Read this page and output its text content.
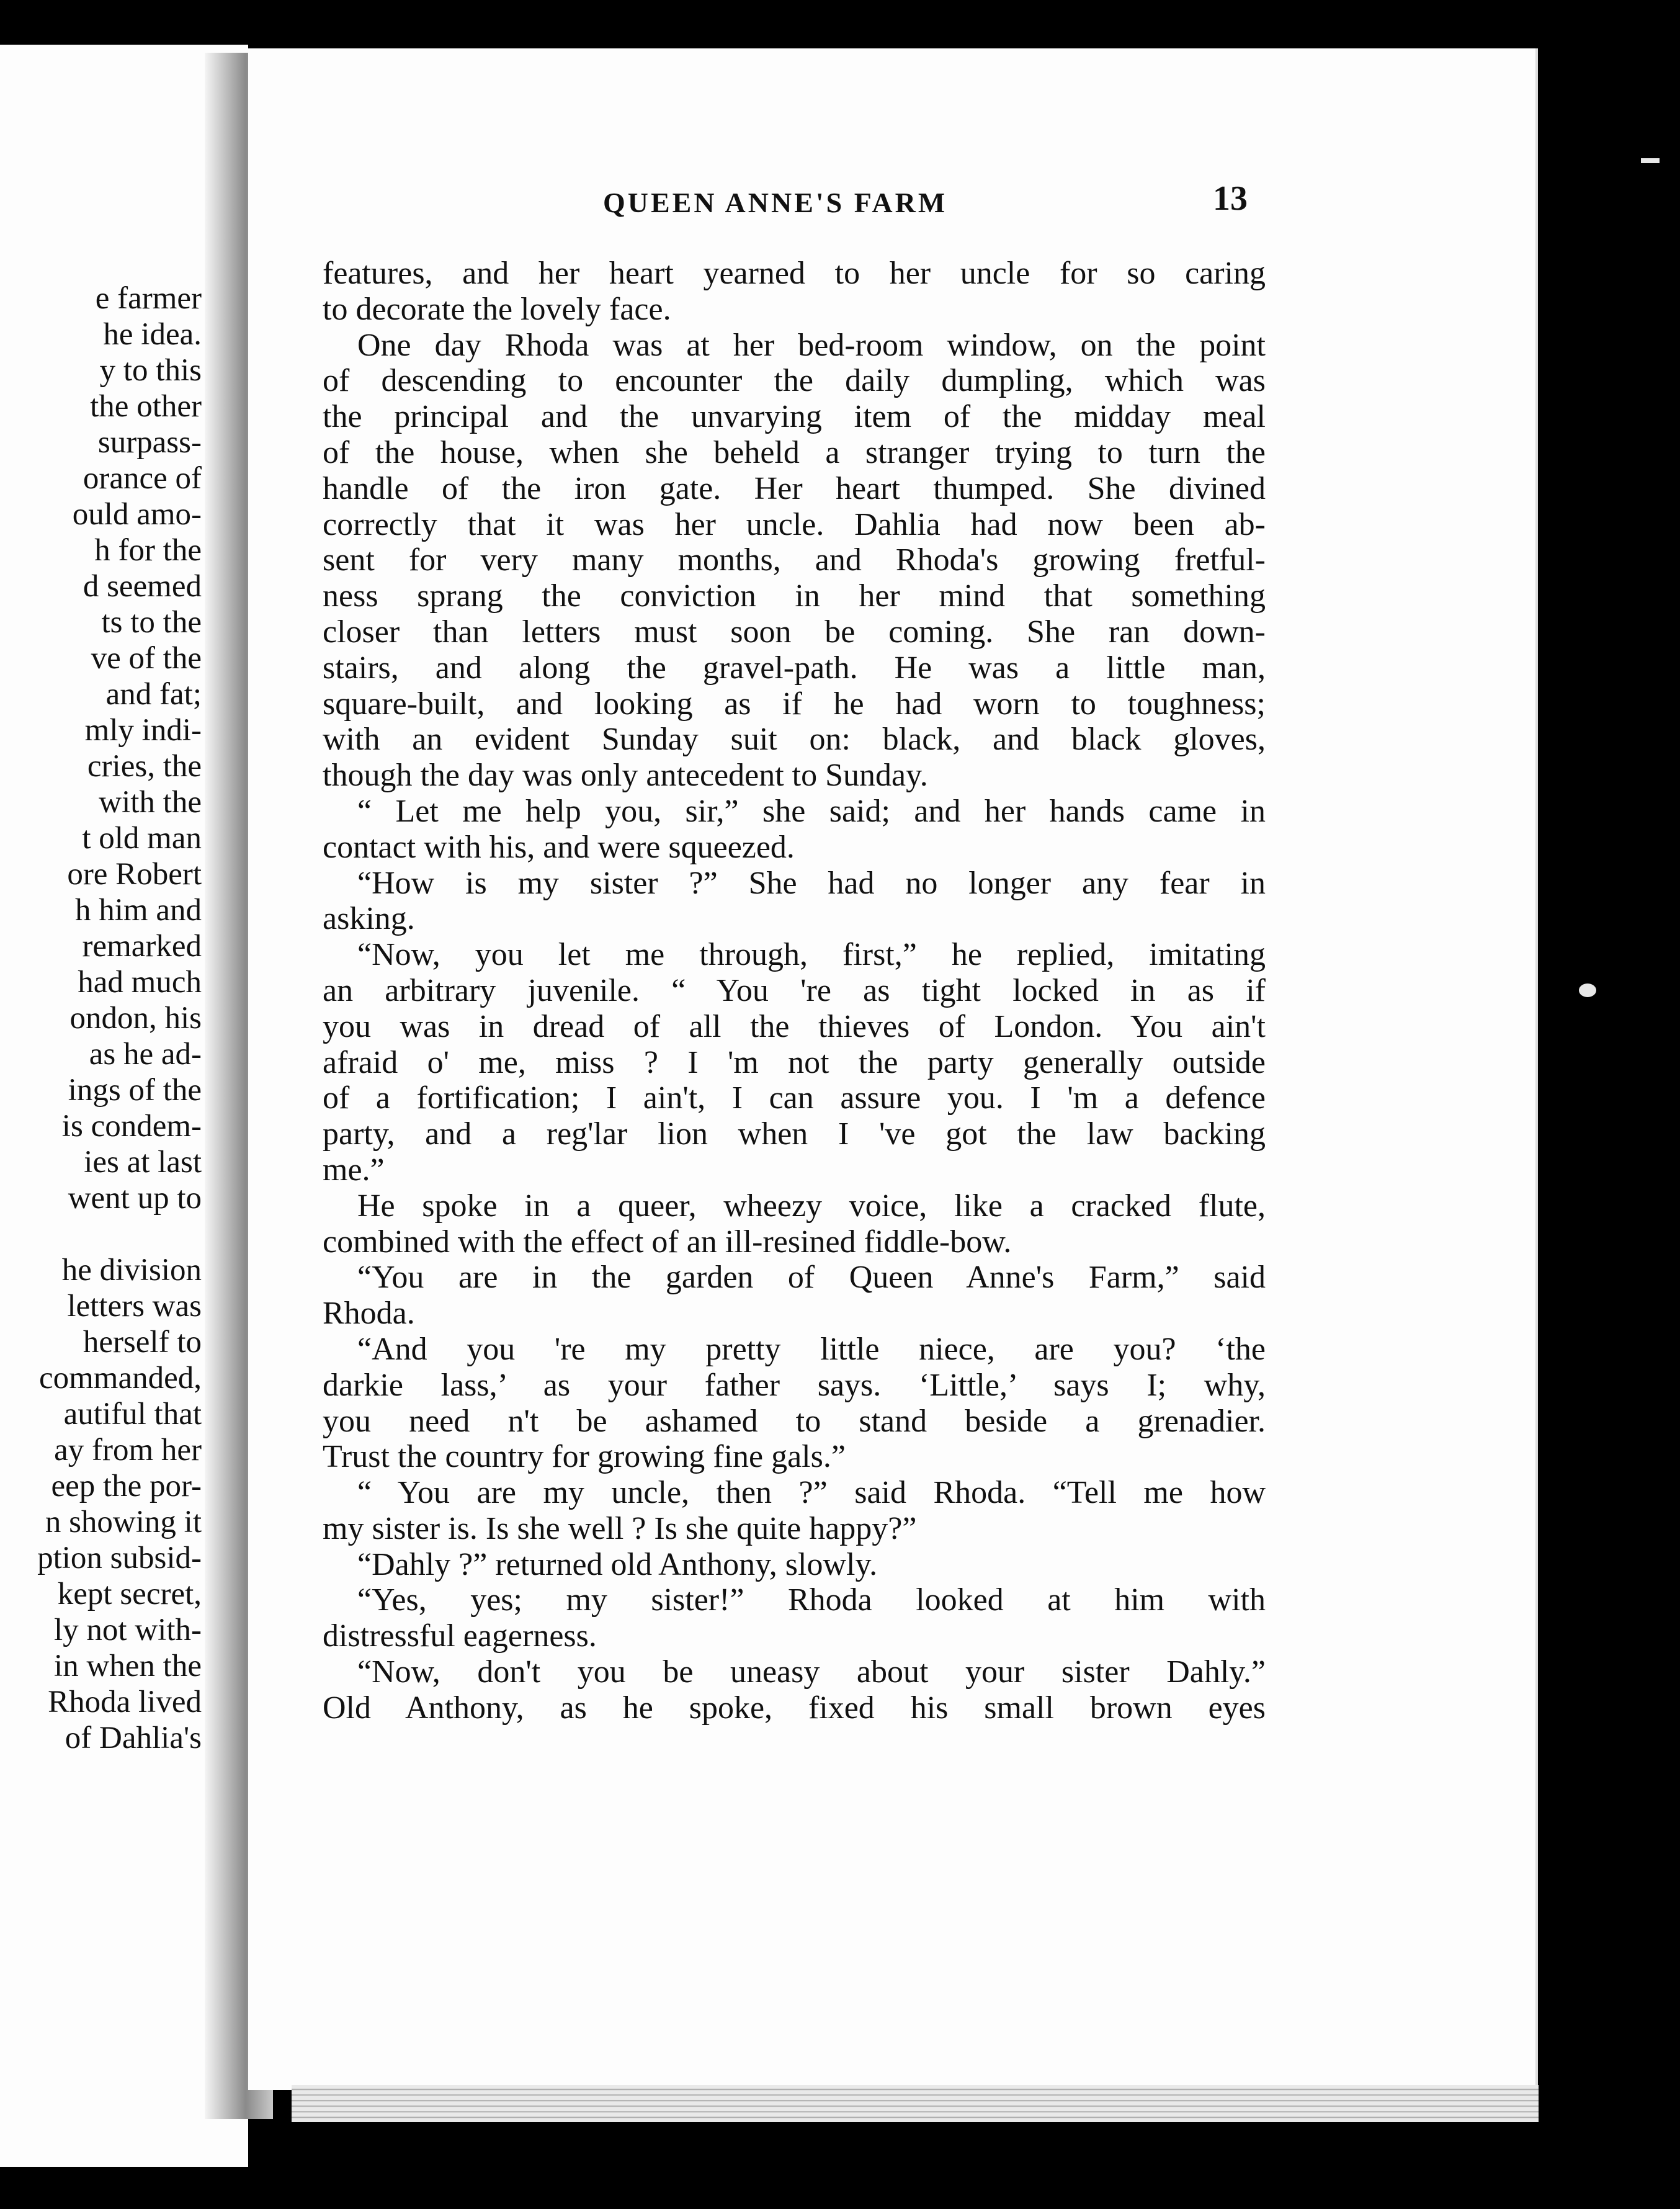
e farmer
he idea.
y to this
the other
surpass-
orance of
ould amo-
h for the
d seemed
ts to the
ve of the
and fat;
mly indi-
cries, the
with the
t old man
ore Robert
h him and
remarked
had much
ondon, his
as he ad-
ings of the
is condem-
ies at last
went up to
he division
letters was
herself to
commanded,
autiful that
ay from her
eep the por-
n showing it
ption subsid-
kept secret,
ly not with-
in when the
Rhoda lived
of Dahlia's
QUEEN ANNE'S FARM	13
features, and her heart yearned to her uncle for so caring
to decorate the lovely face.
One day Rhoda was at her bed-room window, on the point
of descending to encounter the daily dumpling, which was
the principal and the unvarying item of the midday meal
of the house, when she beheld a stranger trying to turn the
handle of the iron gate. Her heart thumped. She divined
correctly that it was her uncle. Dahlia had now been ab-
sent for very many months, and Rhoda's growing fretful-
ness sprang the conviction in her mind that something
closer than letters must soon be coming. She ran down-
stairs, and along the gravel-path. He was a little man,
square-built, and looking as if he had worn to toughness;
with an evident Sunday suit on: black, and black gloves,
though the day was only antecedent to Sunday.
“ Let me help you, sir,” she said; and her hands came in
contact with his, and were squeezed.
“How is my sister ?” She had no longer any fear in
asking.
“Now, you let me through, first,” he replied, imitating
an arbitrary juvenile. “ You 're as tight locked in as if
you was in dread of all the thieves of London. You ain't
afraid o' me, miss ? I 'm not the party generally outside
of a fortification; I ain't, I can assure you. I 'm a defence
party, and a reg'lar lion when I 've got the law backing
me.”
He spoke in a queer, wheezy voice, like a cracked flute,
combined with the effect of an ill-resined fiddle-bow.
“You are in the garden of Queen Anne's Farm,” said
Rhoda.
“And you 're my pretty little niece, are you? ‘the
darkie lass,’ as your father says. ‘Little,’ says I; why,
you need n't be ashamed to stand beside a grenadier.
Trust the country for growing fine gals.”
“ You are my uncle, then ?” said Rhoda. “Tell me how
my sister is. Is she well ? Is she quite happy?”
“Dahly ?” returned old Anthony, slowly.
“Yes, yes; my sister!” Rhoda looked at him with
distressful eagerness.
“Now, don't you be uneasy about your sister Dahly.”
Old Anthony, as he spoke, fixed his small brown eyes
